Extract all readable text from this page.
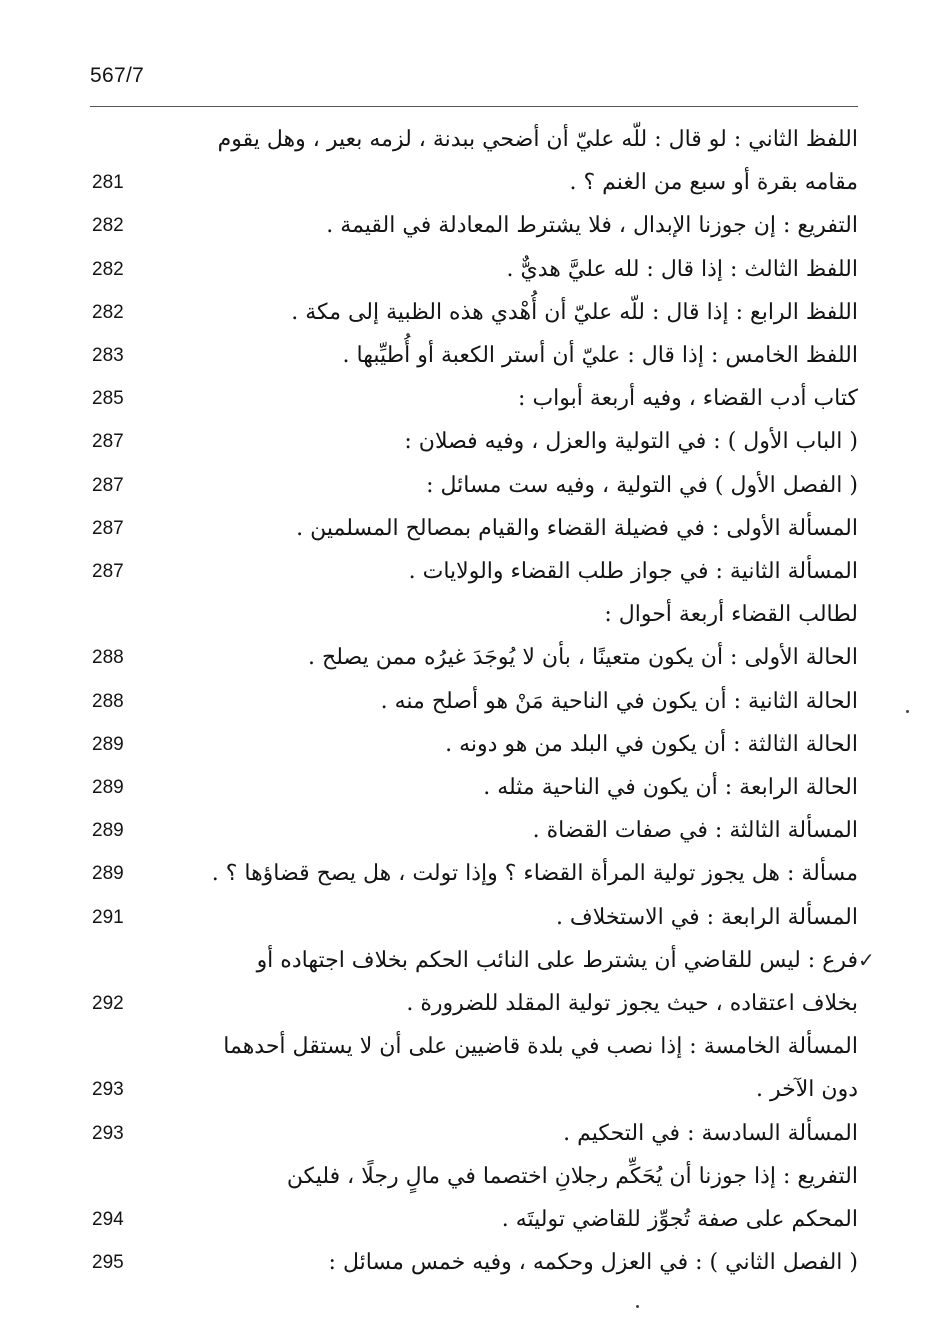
567/7
اللفظ الثاني : لو قال : للّه عليّ أن أضحي ببدنة ، لزمه بعير ، وهل يقوم
مقامه بقرة أو سبع من الغنم ؟ .
281
التفريع : إن جوزنا الإبدال ، فلا يشترط المعادلة في القيمة .
282
اللفظ الثالث : إذا قال : لله عليَّ هديٌّ .
282
اللفظ الرابع : إذا قال : للّه عليّ أن أُهْدي هذه الظبية إلى مكة .
282
اللفظ الخامس : إذا قال : عليّ أن أستر الكعبة أو أُطيِّبها .
283
كتاب أدب القضاء ، وفيه أربعة أبواب :
285
( الباب الأول ) : في التولية والعزل ، وفيه فصلان :
287
( الفصل الأول ) في التولية ، وفيه ست مسائل :
287
المسألة الأولى : في فضيلة القضاء والقيام بمصالح المسلمين .
287
المسألة الثانية : في جواز طلب القضاء والولايات .
287
لطالب القضاء أربعة أحوال :
الحالة الأولى : أن يكون متعينًا ، بأن لا يُوجَدَ غيرُه ممن يصلح .
288
الحالة الثانية : أن يكون في الناحية مَنْ هو أصلح منه .
288
الحالة الثالثة : أن يكون في البلد من هو دونه .
289
الحالة الرابعة : أن يكون في الناحية مثله .
289
المسألة الثالثة : في صفات القضاة .
289
مسألة : هل يجوز تولية المرأة القضاء ؟ وإذا تولت ، هل يصح قضاؤها ؟ .
289
المسألة الرابعة : في الاستخلاف .
291
فرع : ليس للقاضي أن يشترط على النائب الحكم بخلاف اجتهاده أو ✓
بخلاف اعتقاده ، حيث يجوز تولية المقلد للضرورة .
292
المسألة الخامسة : إذا نصب في بلدة قاضيين على أن لا يستقل أحدهما
دون الآخر .
293
المسألة السادسة : في التحكيم .
293
التفريع : إذا جوزنا أن يُحَكِّم رجلانِ اختصما في مالٍ رجلًا ، فليكن
المحكم على صفة تُجوِّز للقاضي توليتَه .
294
( الفصل الثاني ) : في العزل وحكمه ، وفيه خمس مسائل :
295
